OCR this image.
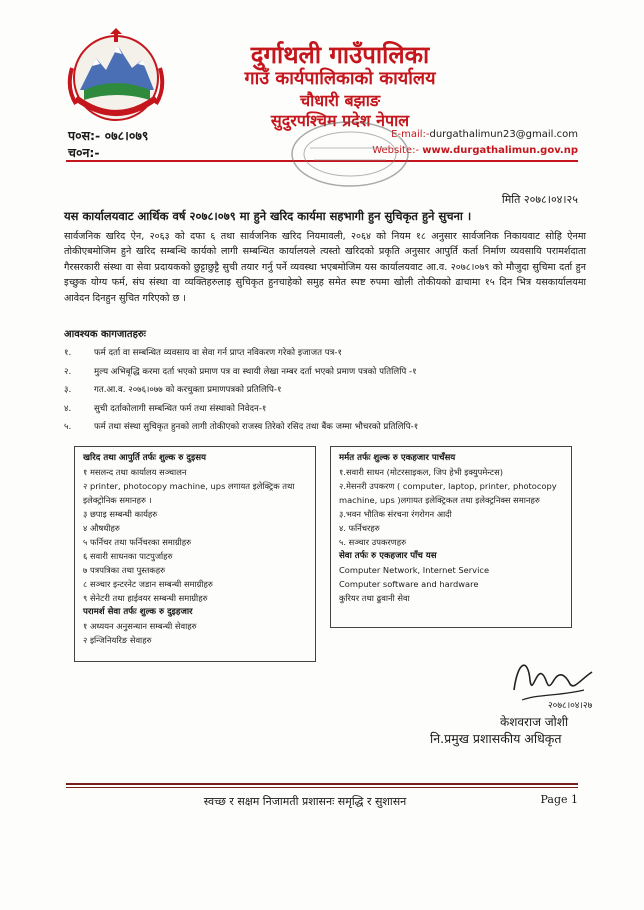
दुर्गाथली गाउँपालिका
गाउँ कार्यपालिकाको कार्यालय
चौधारी बझाङ
सुदुरपश्चिम प्रदेश नेपाल
प०स:- ०७८।०७९
च०न:-
E-mail:-durgathalimun23@gmail.com
Website:- www.durgathalimun.gov.np
मिति २०७८।०४।२५
यस कार्यालयवाट आर्थिक वर्ष २०७८।०७९ मा हुने खरिद कार्यमा सहभागी हुन सुचिकृत हुने सुचना ।
सार्वजनिक खरिद ऐन, २०६३ को दफा ६ तथा सार्वजनिक खरिद नियमावली, २०६४ को नियम १८ अनुसार सार्वजनिक निकायवाट सोहि ऐनमा तोकीएबमोजिम हुने खरिद सम्बन्धि कार्यको लागी सम्बन्धित कार्यालयले त्यस्तो खरिदको प्रकृति अनुसार आपुर्ति कर्ता निर्माण व्यवसायि परामर्शदाता गैरसरकारी संस्था वा सेवा प्रदायकको छुट्टाछुट्टै सुची तयार गर्नु पर्ने व्यवस्था भएबमोजिम यस कार्यालयवाट आ.व. २०७८।०७९ को मौजुदा सुचिमा दर्ता हुन इच्छुक योग्य फर्म, संघ संस्था वा व्यक्तिहरुलाइ सुचिकृत हुनचाहेको समुह समेत स्पष्ट रुपमा खोली तोकीयको ढाचामा १५ दिन भित्र यसकार्यालयमा आवेदन दिनहुन सुचित गरिएको छ ।
आवश्यक कागजातहरुः
१.	फर्म दर्ता वा सम्बन्धित व्यवसाय वा सेवा गर्न प्राप्त नविकरण गरेको इजाजत पत्र-१
२.	मुल्य अभिबृद्धि करमा दर्ता भएको प्रमाण पत्र वा स्थायी लेखा नम्बर दर्ता भएको प्रमाण पत्रको पतिलिपि -१
३.	गत.आ.व. २०७६।०७७ को करचुक्ता प्रमाणपत्रको प्रतिलिपि-१
४.	सुची दर्ताकोलागी सम्बन्धित फर्म तथा संस्थाको निवेदन-१
५.	फर्म तथा संस्था सुचिकृत हुनको लागी तोकीएको राजस्व तिरेको रसिद तथा बैंक जम्मा भौचरको प्रतिलिपि-१
खरिद तथा आपुर्ति तर्फः शुल्क रु दुइसय
१ मसलन्द तथा कार्यालय सञ्चालन
२ printer, photocopy machine, ups लगायत इलेक्ट्रिक तथा इलेक्ट्रोनिक समानहरु ।
३ छपाइ सम्बन्धी कार्यहरु
४ औषधीहरु
५ फर्निचर तथा फर्निचरका समाग्रीहरु
६ सवारी साधनका पाटपुर्जाहरु
७ पत्रपत्रिका तथा पुस्तकहरु
८ सञ्चार इन्टरनेट जडान सम्बन्धी समाग्रीहरु
९ सेनेटरी तथा हाईवयर सम्बन्धी समाग्रीहरु
परामर्श सेवा तर्फः शुल्क रु दुइहजार
१ अध्ययन अनुसन्धान सम्बन्धी सेवाहरु
२ इन्जिनियरिङ सेवाहरु
मर्मत तर्फः शुल्क रु एकहजार पाचँसय
१.सवारी साधन (मोटरसाइकल, जिप हेभी इक्युपमेन्टस)
२.मेसनरी उपकरण ( computer, laptop, printer, photocopy machine, ups )लगायत इलेक्ट्रिकल तथा इलेक्ट्रनिक्स समानहरु
३.भवन भौतिक संरचना रंगरोगन आदी
४. फर्निचरहरु
५. सञ्चार उपकरणहरु
सेवा तर्फः रु एकहजार पाँच यस
Computer Network, Internet Service
Computer software and hardware
कुरियर तथा ढुवानी सेवा
२०७८।०४।२७
केशवराज जोशी
नि.प्रमुख प्रशासकीय अधिकृत
स्वच्छ र सक्षम निजामती प्रशासनः समृद्धि र सुशासन	Page 1
